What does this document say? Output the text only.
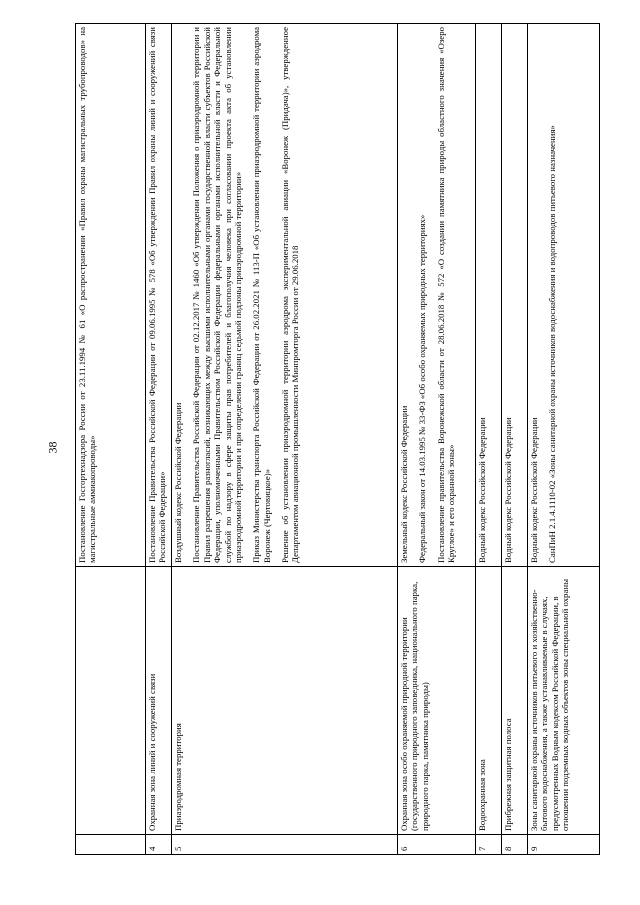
38

		Постановление Госгортехнадзора России от 23.11.1994 № 61 «О распространении «Правил охраны магистральных трубопроводов» на магистральные аммиакопроводы»

4	Охранная зона линий и сооружений связи	Постановление Правительства Российской Федерации от 09.06.1995 № 578 «Об утверждении Правил охраны линий и сооружений связи Российской Федерации»

5	Приаэродромная территория	Воздушный кодекс Российской Федерации Постановление Правительства Российской Федерации от 02.12.2017 № 1460 «Об утверждении Положения о приаэродромной территории и Правил разрешения разногласий, возникающих между высшими исполнительными органами государственной власти субъектов Российской Федерации, уполномоченными Правительством Российской Федерации федеральными органами исполнительной власти и Федеральной службой по надзору в сфере защиты прав потребителей и благополучия человека при согласовании проекта акта об установлении приаэродромной территории и при определении границ седьмой подзоны приаэродромной территории» Приказ Министерства транспорта Российской Федерации от 26.02.2021 № 113-П «Об установлении приаэродромной территории аэродрома Воронеж (Чертовицкое)» Решение об установлении приаэродромной территории аэродрома экспериментальной авиации «Воронеж (Придача)», утвержденное Департаментом авиационной промышленности Минпромторга России от 29.06.2018

6	Охранная зона особо охраняемой природной территории (государственного природного заповедника, национального парка, природного парка, памятника природы)	Земельный кодекс Российской Федерации Федеральный закон от 14.03.1995 № 33-ФЗ «Об особо охраняемых природных территориях» Постановление правительства Воронежской области от 28.06.2018 № 572 «О создании памятника природы областного значения «Озеро Круглое» и его охранной зоны»

7	Водоохранная зона	Водный кодекс Российской Федерации

8	Прибрежная защитная полоса	Водный кодекс Российской Федерации

9	Зоны санитарной охраны источников питьевого и хозяйственно-бытового водоснабжения, а также устанавливаемые в случаях, предусмотренных Водным кодексом Российской Федерации, в отношении подземных водных объектов зоны специальной охраны	Водный кодекс Российской Федерации СанПиН 2.1.4.1110-02 «Зоны санитарной охраны источников водоснабжения и водопроводов питьевого назначения»
